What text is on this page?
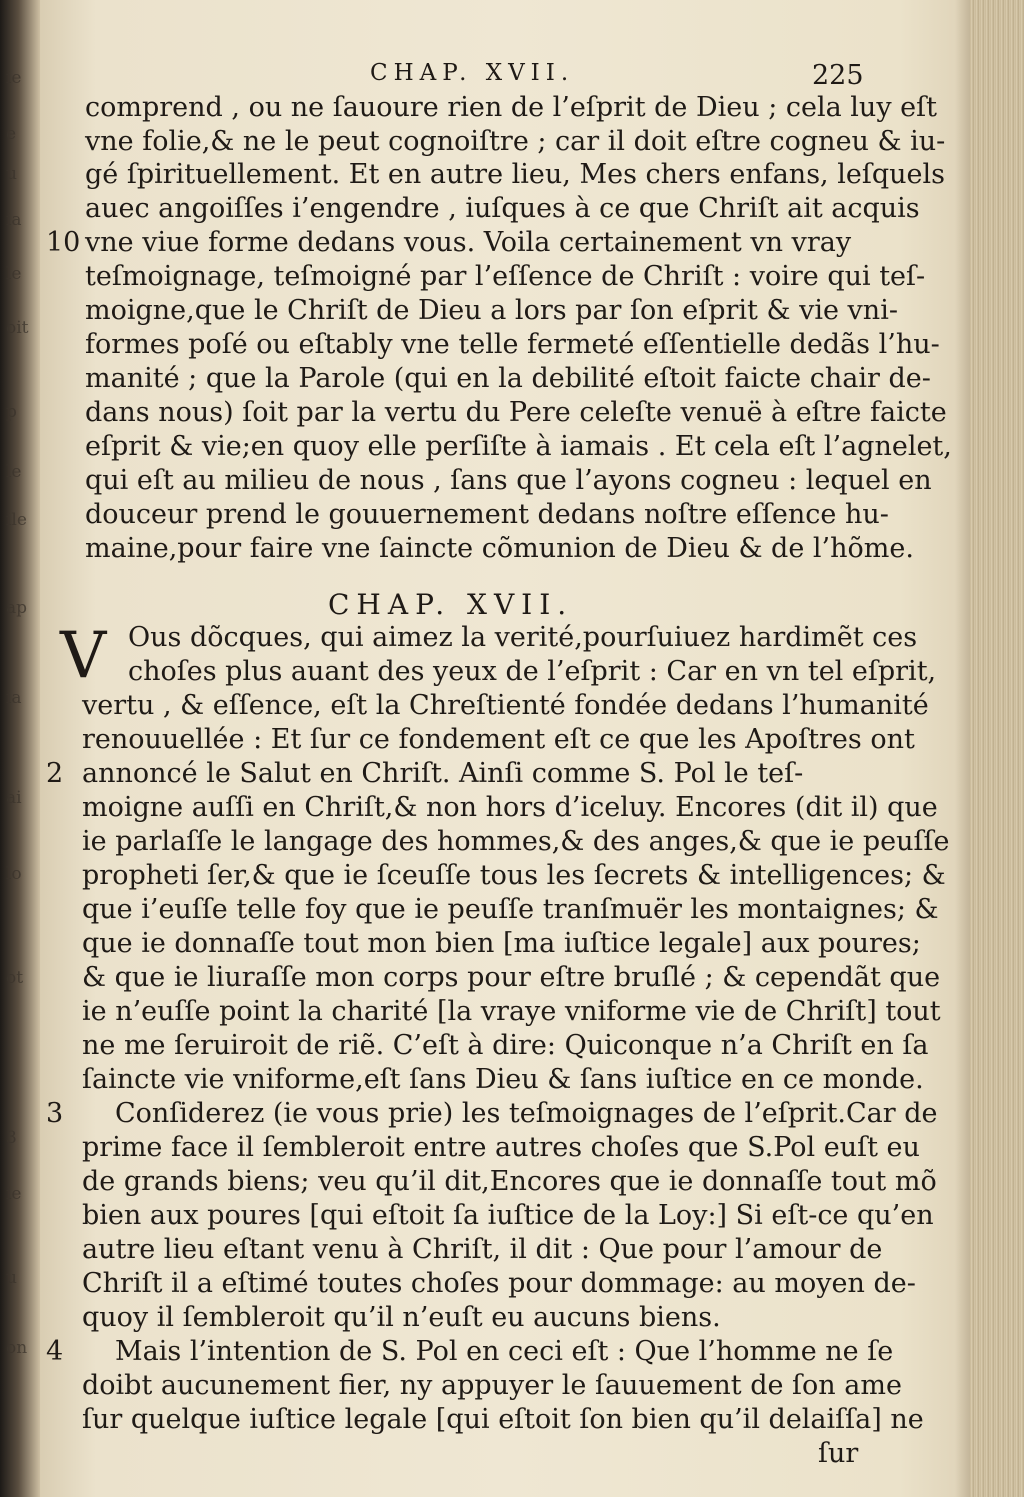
ie
e
u
ia
le
oit
p
le
ile
ap
ia
ai
lo
ot
3
ie
u
on
CHAP. XVII.	225
comprend , ou ne ſauoure rien de l’eſprit de Dieu ; cela luy eſt
vne folie,& ne le peut cognoiſtre ; car il doit eſtre cogneu & iu-
gé ſpirituellement. Et en autre lieu, Mes chers enfans, leſquels
auec angoiſſes i’engendre , iuſques à ce que Chriſt ait acquis
10 vne viue forme dedans vous. Voila certainement vn vray
teſmoignage, teſmoigné par l’eſſence de Chriſt : voire qui teſ-
moigne,que le Chriſt de Dieu a lors par ſon eſprit & vie vni-
formes poſé ou eſtably vne telle fermeté eſſentielle dedãs l’hu-
manité ; que la Parole (qui en la debilité eſtoit faicte chair de-
dans nous) ſoit par la vertu du Pere celeſte venuë à eſtre faicte
eſprit & vie;en quoy elle perſiſte à iamais . Et cela eſt l’agnelet,
qui eſt au milieu de nous , ſans que l’ayons cogneu : lequel en
douceur prend le gouuernement dedans noſtre eſſence hu-
maine,pour faire vne ſaincte cõmunion de Dieu & de l’hõme.
CHAP. XVII.
V Ous dõcques, qui aimez la verité,pourſuiuez hardimẽt ces
choſes plus auant des yeux de l’eſprit : Car en vn tel eſprit,
vertu , & eſſence, eſt la Chreſtienté fondée dedans l’humanité
renouuellée : Et ſur ce fondement eſt ce que les Apoſtres ont
2 annoncé le Salut en Chriſt. Ainſi comme S. Pol le teſ-
moigne auſſi en Chriſt,& non hors d’iceluy. Encores (dit il) que
ie parlaſſe le langage des hommes,& des anges,& que ie peuſſe
propheti ſer,& que ie ſceuſſe tous les ſecrets & intelligences; &
que i’euſſe telle foy que ie peuſſe tranſmuër les montaignes; &
que ie donnaſſe tout mon bien [ma iuſtice legale] aux poures;
& que ie liuraſſe mon corps pour eſtre bruſlé ; & cependãt que
ie n’euſſe point la charité [la vraye vniforme vie de Chriſt] tout
ne me ſeruiroit de riẽ. C’eſt à dire: Quiconque n’a Chriſt en ſa
ſaincte vie vniforme,eſt ſans Dieu & ſans iuſtice en ce monde.
3 Conſiderez (ie vous prie) les teſmoignages de l’eſprit.Car de
prime face il ſembleroit entre autres choſes que S.Pol euſt eu
de grands biens; veu qu’il dit,Encores que ie donnaſſe tout mõ
bien aux poures [qui eſtoit ſa iuſtice de la Loy:] Si eſt-ce qu’en
autre lieu eſtant venu à Chriſt, il dit : Que pour l’amour de
Chriſt il a eſtimé toutes choſes pour dommage: au moyen de-
quoy il ſembleroit qu’il n’euſt eu aucuns biens.
4 Mais l’intention de S. Pol en ceci eſt : Que l’homme ne ſe
doibt aucunement fier, ny appuyer le ſauuement de ſon ame
ſur quelque iuſtice legale [qui eſtoit ſon bien qu’il delaiſſa] ne
ſur
